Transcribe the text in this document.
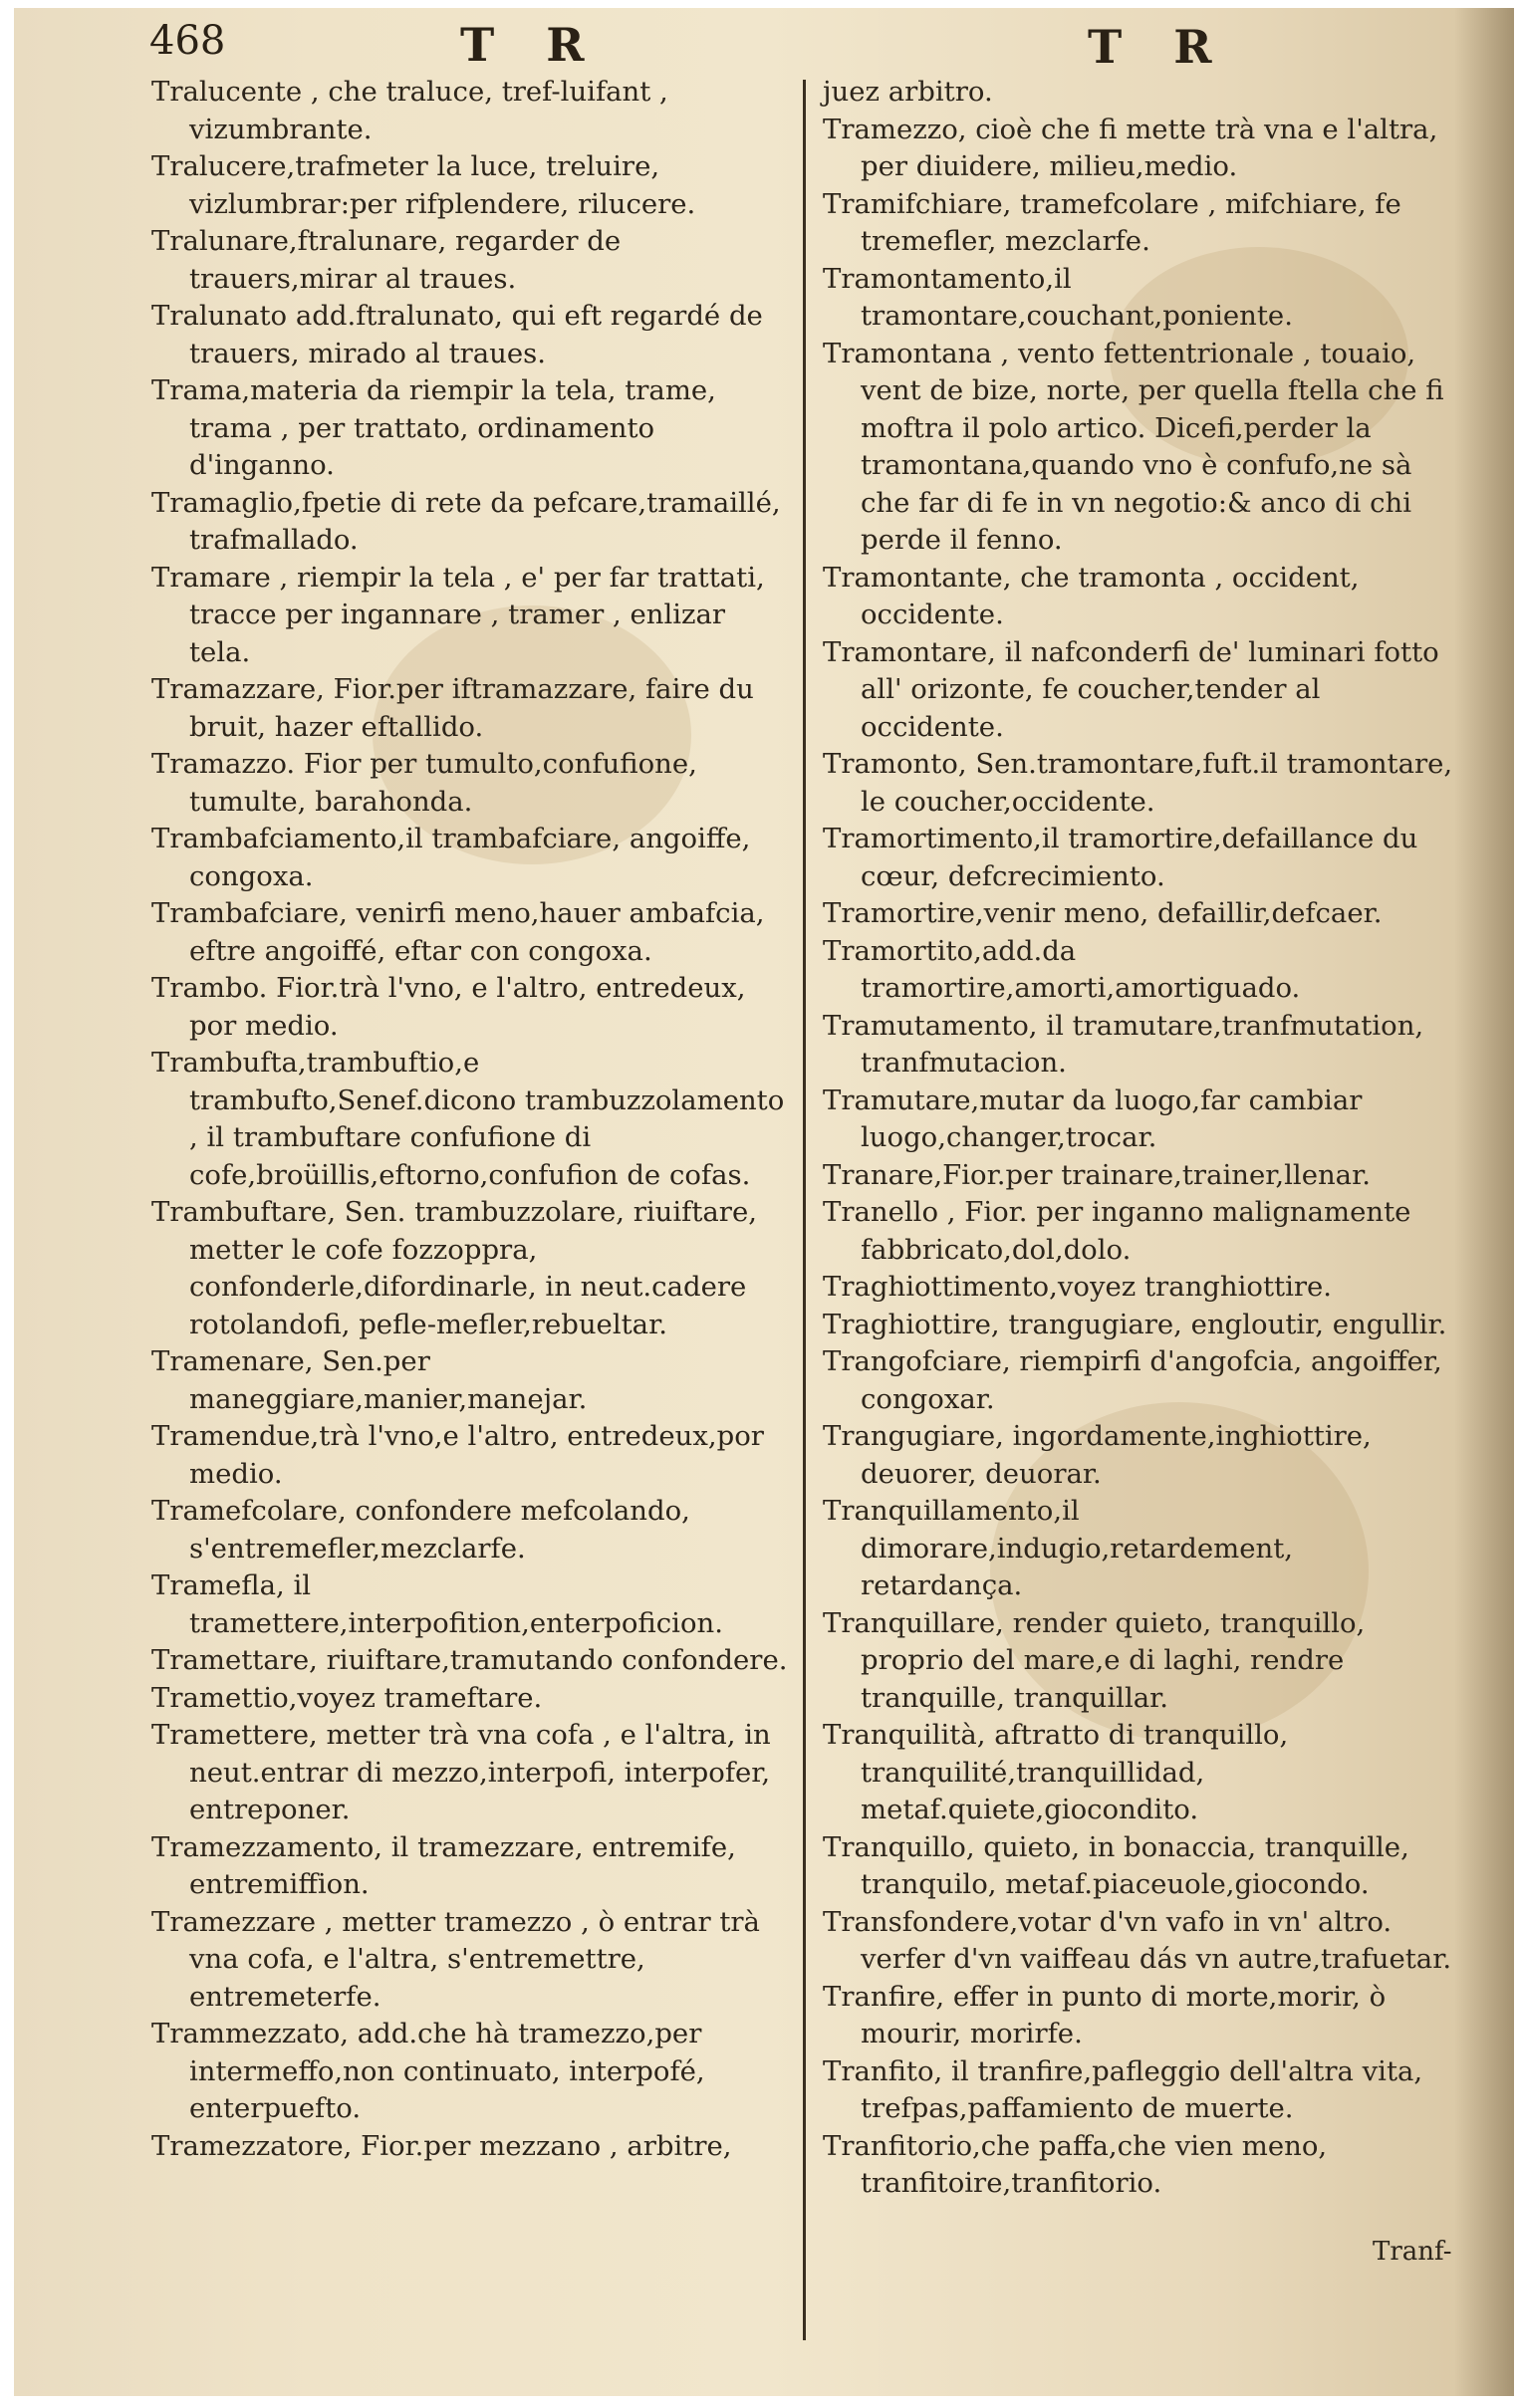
468	T R	T R

Tralucente , che traluce, tref-luifant , vizumbrante.

Tralucere,trafmeter la luce, treluire, vizlumbrar:per rifplendere, rilucere.

Tralunare,ftralunare, regarder de trauers,mirar al traues.

Tralunato add.ftralunato, qui eft regardé de trauers, mirado al traues.

Trama,materia da riempir la tela, trame, trama , per trattato, ordinamento d'inganno.

Tramaglio,fpetie di rete da pefcare,tramaillé, trafmallado.

Tramare , riempir la tela , e' per far trattati, tracce per ingannare , tramer , enlizar tela.

Tramazzare, Fior.per iftramazzare, faire du bruit, hazer eftallido.

Tramazzo. Fior per tumulto,confufione, tumulte, barahonda.

Trambafciamento,il trambafciare, angoiffe, congoxa.

Trambafciare, venirfi meno,hauer ambafcia, eftre angoiffé, eftar con congoxa.

Trambo. Fior.trà l'vno, e l'altro, entredeux, por medio.

Trambufta,trambuftio,e trambufto,Senef.dicono trambuzzolamento , il trambuftare confufione di cofe,broüillis,eftorno,confufion de cofas.

Trambuftare, Sen. trambuzzolare, riuiftare, metter le cofe fozzoppra, confonderle,difordinarle, in neut.cadere rotolandofi, pefle-mefler,rebueltar.

Tramenare, Sen.per maneggiare,manier,manejar.

Tramendue,trà l'vno,e l'altro, entredeux,por medio.

Tramefcolare, confondere mefcolando, s'entremefler,mezclarfe.

Tramefla, il tramettere,interpofition,enterpoficion.

Tramettare, riuiftare,tramutando confondere.

Tramettio,voyez trameftare.

Tramettere, metter trà vna cofa , e l'altra, in neut.entrar di mezzo,interpofi, interpofer, entreponer.

Tramezzamento, il tramezzare, entremife, entremiffion.

Tramezzare , metter tramezzo , ò entrar trà vna cofa, e l'altra, s'entremettre, entremeterfe.

Trammezzato, add.che hà tramezzo,per intermeffo,non continuato, interpofé, enterpuefto.

Tramezzatore, Fior.per mezzano , arbitre,

juez arbitro.

Tramezzo, cioè che fi mette trà vna e l'altra, per diuidere, milieu,medio.

Tramifchiare, tramefcolare , mifchiare, fe tremefler, mezclarfe.

Tramontamento,il tramontare,couchant,poniente.

Tramontana , vento fettentrionale , touaio, vent de bize, norte, per quella ftella che fi moftra il polo artico. Dicefi,perder la tramontana,quando vno è confufo,ne sà che far di fe in vn negotio:& anco di chi perde il fenno.

Tramontante, che tramonta , occident, occidente.

Tramontare, il nafconderfi de' luminari fotto all' orizonte, fe coucher,tender al occidente.

Tramonto, Sen.tramontare,fuft.il tramontare, le coucher,occidente.

Tramortimento,il tramortire,defaillance du cœur, defcrecimiento.

Tramortire,venir meno, defaillir,defcaer.

Tramortito,add.da tramortire,amorti,amortiguado.

Tramutamento, il tramutare,tranfmutation, tranfmutacion.

Tramutare,mutar da luogo,far cambiar luogo,changer,trocar.

Tranare,Fior.per trainare,trainer,llenar.

Tranello , Fior. per inganno malignamente fabbricato,dol,dolo.

Traghiottimento,voyez tranghiottire.

Traghiottire, trangugiare, engloutir, engullir.

Trangofciare, riempirfi d'angofcia, angoiffer, congoxar.

Trangugiare, ingordamente,inghiottire, deuorer, deuorar.

Tranquillamento,il dimorare,indugio,retardement, retardança.

Tranquillare, render quieto, tranquillo, proprio del mare,e di laghi, rendre tranquille, tranquillar.

Tranquilità, aftratto di tranquillo, tranquilité,tranquillidad, metaf.quiete,giocondito.

Tranquillo, quieto, in bonaccia, tranquille, tranquilo, metaf.piaceuole,giocondo.

Transfondere,votar d'vn vafo in vn' altro. verfer d'vn vaiffeau dás vn autre,trafuetar.

Tranfire, effer in punto di morte,morir, ò mourir, morirfe.

Tranfito, il tranfire,pafleggio dell'altra vita, trefpas,paffamiento de muerte.

Tranfitorio,che paffa,che vien meno, tranfitoire,tranfitorio.

Tranf-
